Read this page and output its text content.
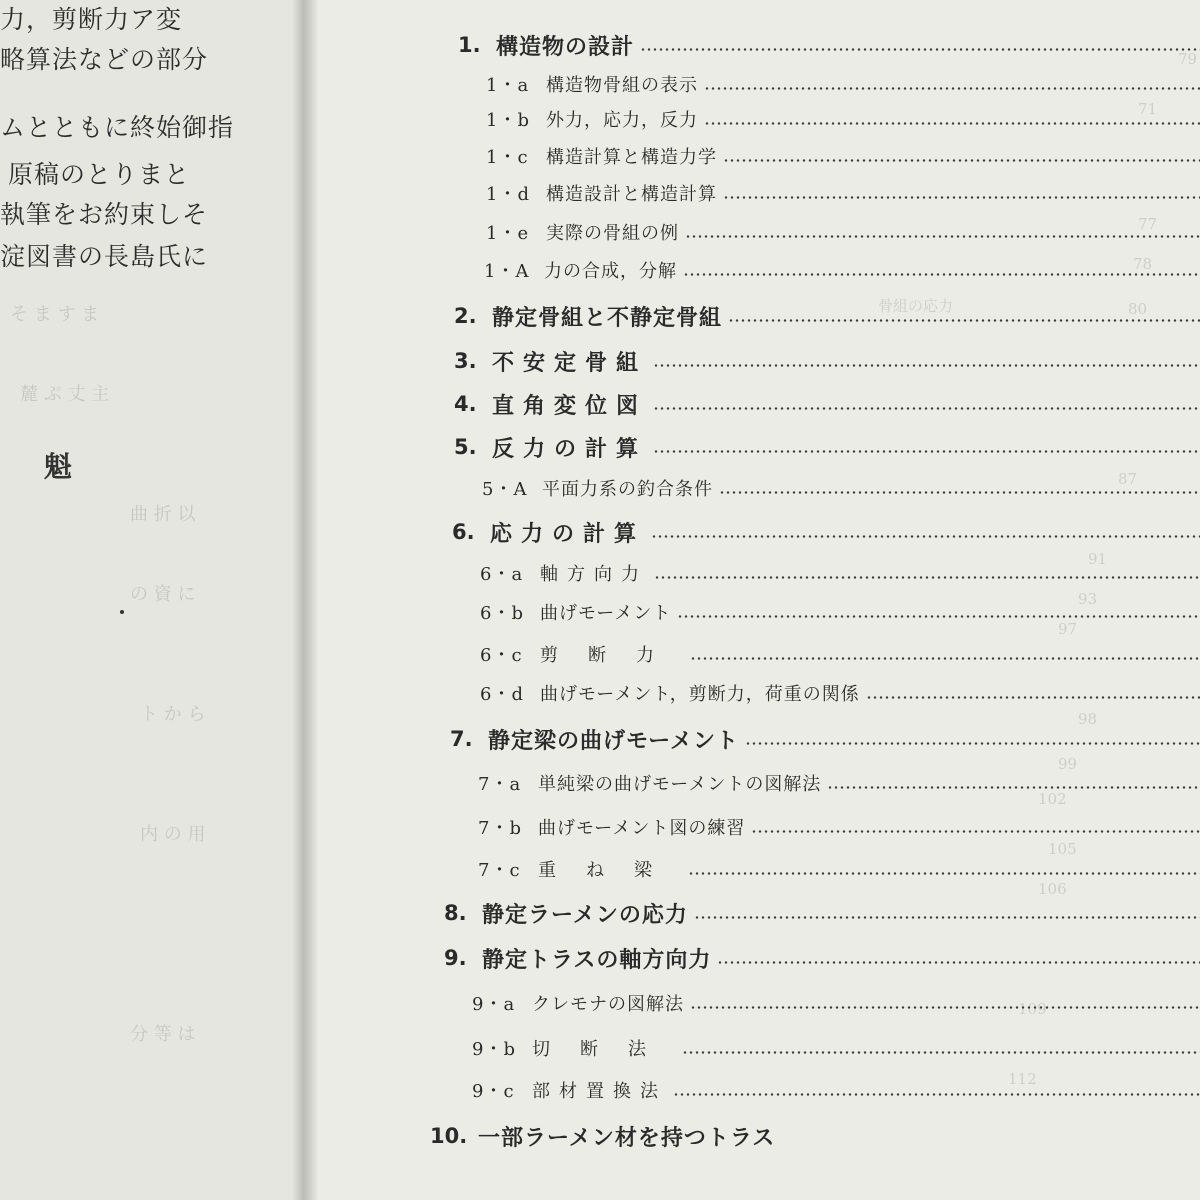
力，剪断力ア変
略算法などの部分
ムとともに終始御指
原稿のとりまと
執筆をお約束しそ
淀図書の長島氏に
魁
そ ま す ま
麓 ぷ 丈 主
曲 折 以
の 資 に
ト か ら
内 の 用
分 等 は
79
71
77
78
80
骨組の応力
87
91
93
97
98
99
102
105
106
109
112
1. 構造物の設計
1・a 構造物骨組の表示
1・b 外力，応力，反力
1・c 構造計算と構造力学
1・d 構造設計と構造計算
1・e 実際の骨組の例
1・A 力の合成，分解
2. 静定骨組と不静定骨組
3. 不安定骨組
4. 直角変位図
5. 反力の計算
5・A 平面力系の釣合条件
6. 応力の計算
6・a 軸方向力
6・b 曲げモーメント
6・c 剪断力
6・d 曲げモーメント，剪断力，荷重の関係
7. 静定梁の曲げモーメント
7・a 単純梁の曲げモーメントの図解法
7・b 曲げモーメント図の練習
7・c 重ね梁
8. 静定ラーメンの応力
9. 静定トラスの軸方向力
9・a クレモナの図解法
9・b 切断法
9・c 部材置換法
10. 一部ラーメン材を持つトラス
